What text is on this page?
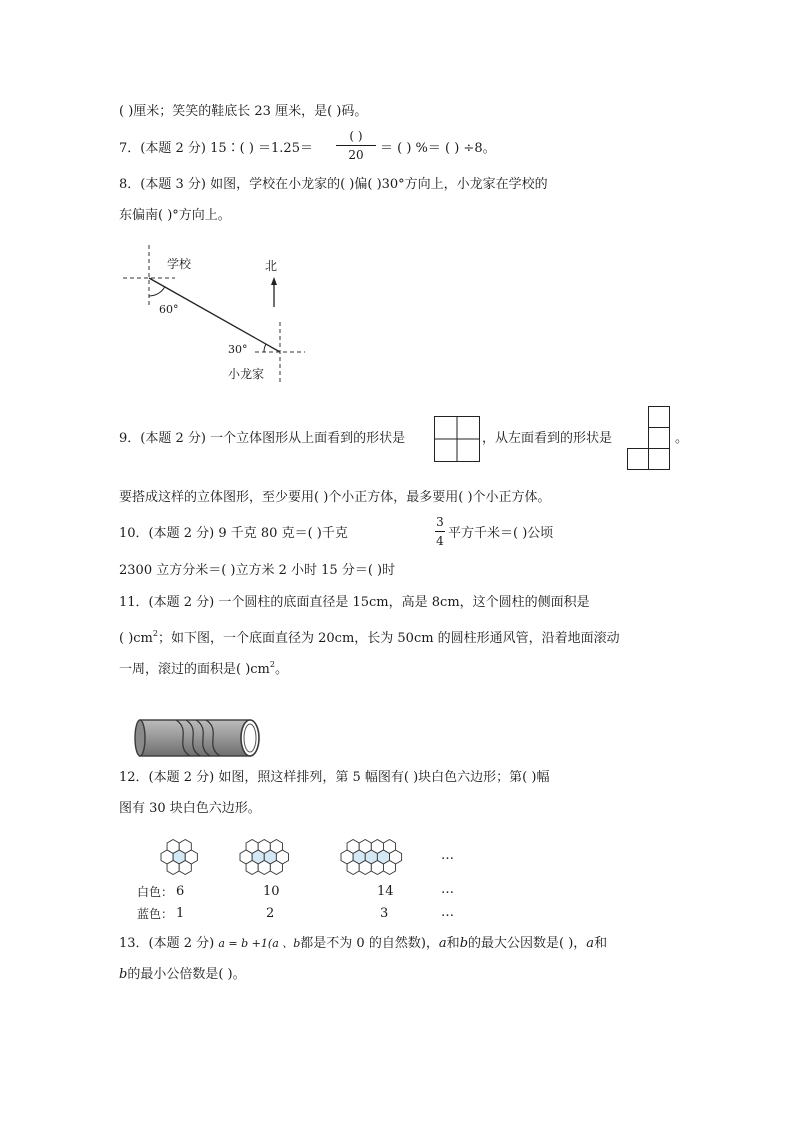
( )厘米；笑笑的鞋底长 23 厘米，是( )码。
7．(本题 2 分) 15∶( ) ＝1.25＝
( )
20	＝ ( ) %＝ ( ) ÷8。
8．(本题 3 分) 如图，学校在小龙家的( )偏( )30°方向上，小龙家在学校的
东偏南( )°方向上。
学校	北
60°
30°
小龙家
9．(本题 2 分) 一个立体图形从上面看到的形状是	，从左面看到的形状是	。
要搭成这样的立体图形，至少要用( )个小正方体，最多要用( )个小正方体。
10．(本题 2 分) 9 千克 80 克＝( )千克
3
4 平方千米＝( )公顷
2300 立方分米＝( )立方米 2 小时 15 分＝( )时
11．(本题 2 分) 一个圆柱的底面直径是 15cm，高是 8cm，这个圆柱的侧面积是
( )$cm^2$；如下图，一个底面直径为 20cm，长为 50cm 的圆柱形通风管，沿着地面滚动
一周，滚过的面积是( )$cm^2$。
12．(本题 2 分) 如图，照这样排列，第 5 幅图有( )块白色六边形；第( )幅
图有 30 块白色六边形。
…
白色： 6	10	14	…
蓝色： 1	2	3	…
13．(本题 2 分) a = b +1(a 、b都是不为 0 的自然数)，a和b的最大公因数是( )，a和
b的最小公倍数是( )。
